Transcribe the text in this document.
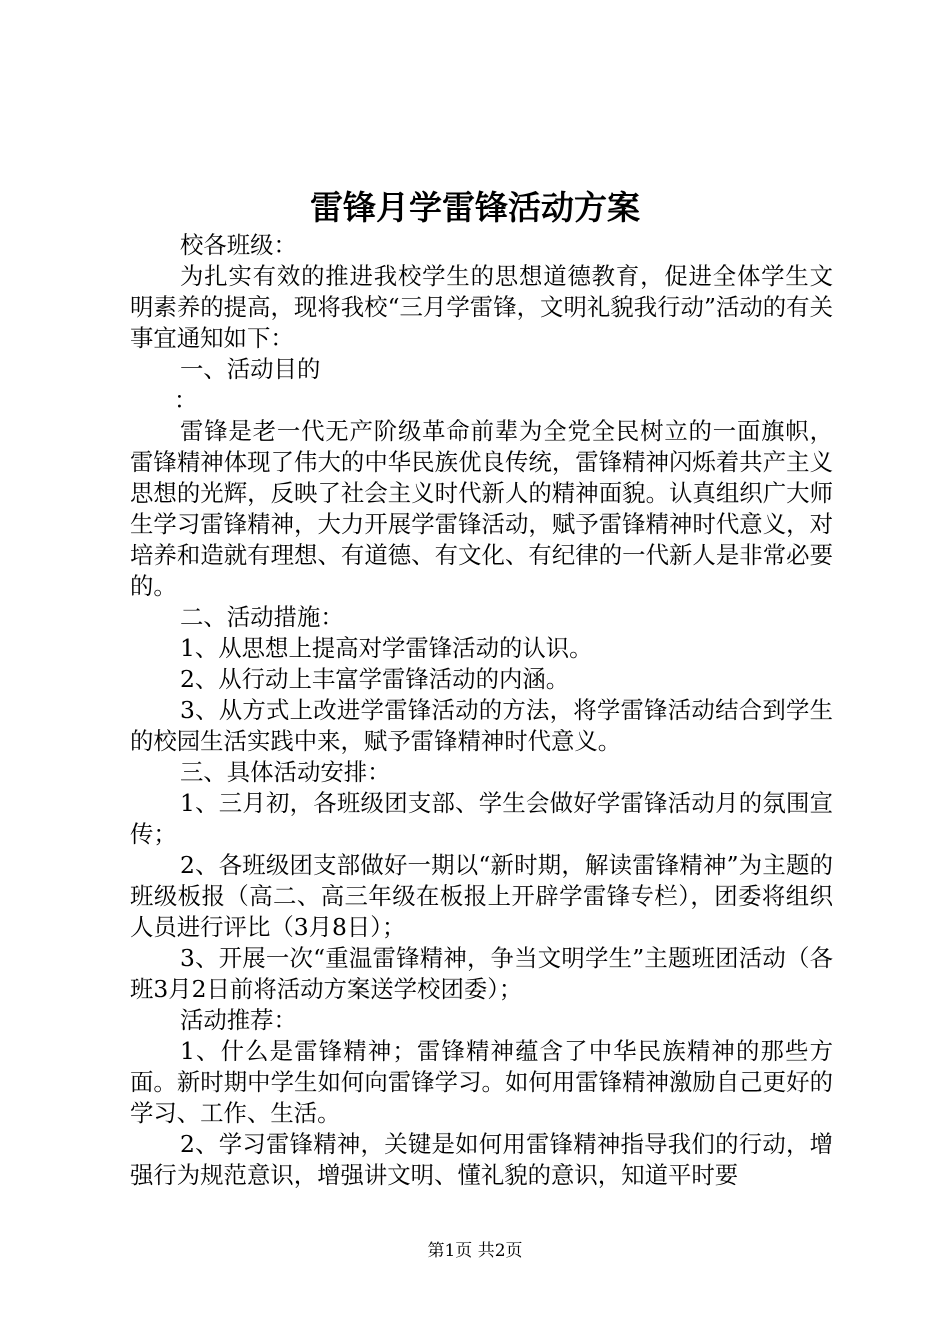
雷锋月学雷锋活动方案

校各班级：

为扎实有效的推进我校学生的思想道德教育，促进全体学生文明素养的提高，现将我校“三月学雷锋，文明礼貌我行动”活动的有关事宜通知如下：

一、活动目的

：

雷锋是老一代无产阶级革命前辈为全党全民树立的一面旗帜，雷锋精神体现了伟大的中华民族优良传统，雷锋精神闪烁着共产主义思想的光辉，反映了社会主义时代新人的精神面貌。认真组织广大师生学习雷锋精神，大力开展学雷锋活动，赋予雷锋精神时代意义，对培养和造就有理想、有道德、有文化、有纪律的一代新人是非常必要的。

二、活动措施：

1、从思想上提高对学雷锋活动的认识。

2、从行动上丰富学雷锋活动的内涵。

3、从方式上改进学雷锋活动的方法，将学雷锋活动结合到学生的校园生活实践中来，赋予雷锋精神时代意义。

三、具体活动安排：

1、三月初，各班级团支部、学生会做好学雷锋活动月的氛围宣传；

2、各班级团支部做好一期以“新时期，解读雷锋精神”为主题的班级板报（高二、高三年级在板报上开辟学雷锋专栏），团委将组织人员进行评比（3月8日）；

3、开展一次“重温雷锋精神，争当文明学生”主题班团活动（各班3月2日前将活动方案送学校团委）；

活动推荐：

1、什么是雷锋精神；雷锋精神蕴含了中华民族精神的那些方面。新时期中学生如何向雷锋学习。如何用雷锋精神激励自己更好的学习、工作、生活。

2、学习雷锋精神，关键是如何用雷锋精神指导我们的行动，增强行为规范意识，增强讲文明、懂礼貌的意识，知道平时要

第1页 共2页
